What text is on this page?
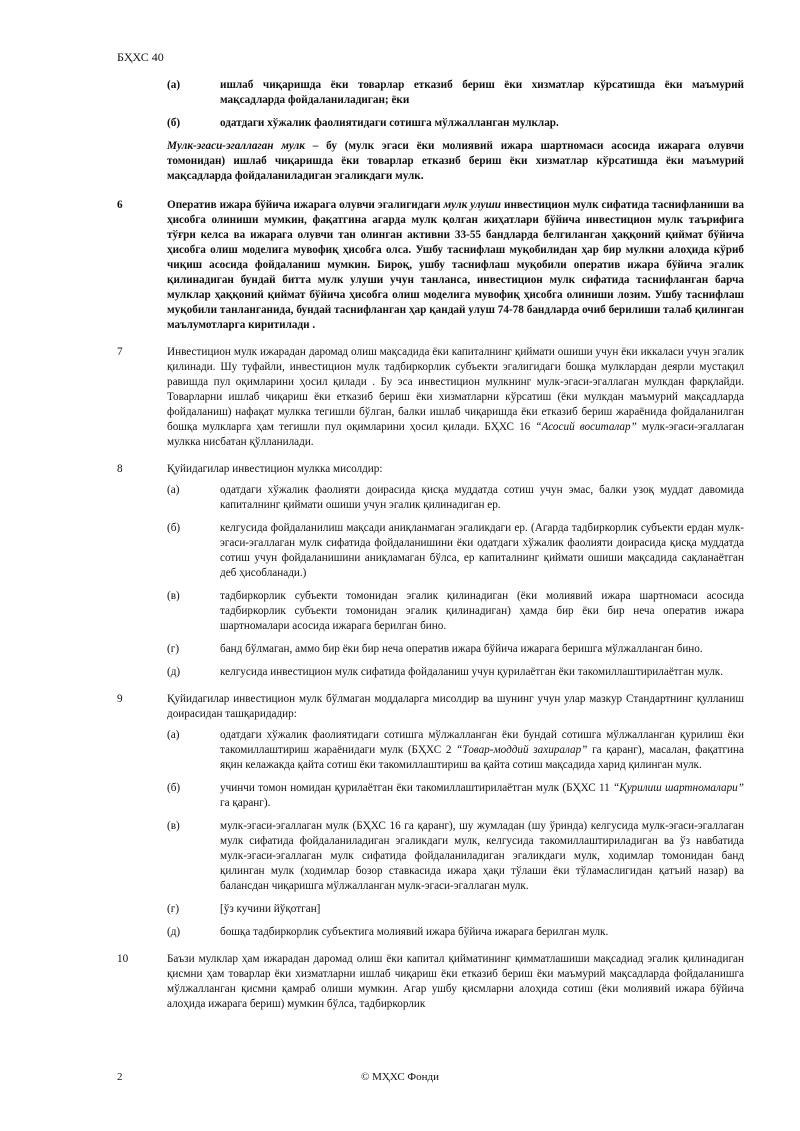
БҲХС 40
(а)	ишлаб чиқаришда ёки товарлар етказиб бериш ёки хизматлар кўрсатишда ёки маъмурий мақсадларда фойдаланиладиган; ёки
(б)	одатдаги хўжалик фаолиятидаги сотишга мўлжалланган мулклар.
Мулк-эгаси-эгаллаган мулк – бу (мулк эгаси ёки молиявий ижара шартномаси асосида ижарага олувчи томонидан) ишлаб чиқаришда ёки товарлар етказиб бериш ёки хизматлар кўрсатишда ёки маъмурий мақсадларда фойдаланиладиган эгаликдаги мулк.
6	Оператив ижара бўйича ижарага олувчи эгалигидаги мулк улуши инвестицион мулк сифатида таснифланиши ва ҳисобга олиниши мумкин, фақатгина агарда мулк қолган жиҳатлари бўйича инвестицион мулк таърифига тўғри келса ва ижарага олувчи тан олинган активни 33-55 бандларда белгиланган ҳаққоний қиймат бўйича ҳисобга олиш моделига мувофиқ ҳисобга олса. Ушбу таснифлаш муқобилидан ҳар бир мулкни алоҳида кўриб чиқиш асосида фойдаланиш мумкин. Бироқ, ушбу таснифлаш муқобили оператив ижара бўйича эгалик қилинадиган бундай битта мулк улуши учун танланса, инвестицион мулк сифатида таснифланган барча мулклар ҳаққоний қиймат бўйича ҳисобга олиш моделига мувофиқ ҳисобга олиниши лозим. Ушбу таснифлаш муқобили танланганида, бундай таснифланган ҳар қандай улуш 74-78 бандларда очиб берилиши талаб қилинган маълумотларга киритилади .
7	Инвестицион мулк ижарадан даромад олиш мақсадида ёки капиталнинг қиймати ошиши учун ёки иккаласи учун эгалик қилинади. Шу туфайли, инвестицион мулк тадбиркорлик субъекти эгалигидаги бошқа мулклардан деярли мустақил равишда пул оқимларини ҳосил қилади . Бу эса инвестицион мулкнинг мулк-эгаси-эгаллаган мулкдан фарқлайди. Товарларни ишлаб чиқариш ёки етказиб бериш ёки хизматларни кўрсатиш (ёки мулкдан маъмурий мақсадларда фойдаланиш) нафақат мулкка тегишли бўлган, балки ишлаб чиқаришда ёки етказиб бериш жараёнида фойдаланилган бошқа мулкларга ҳам тегишли пул оқимларини ҳосил қилади. БҲХС 16 “Асосий воситалар” мулк-эгаси-эгаллаган мулкка нисбатан қўлланилади.
8	Қуйидагилар инвестицион мулкка мисолдир:
(а)	одатдаги хўжалик фаолияти доирасида қисқа муддатда сотиш учун эмас, балки узоқ муддат давомида капиталнинг қиймати ошиши учун эгалик қилинадиган ер.
(б)	келгусида фойдаланилиш мақсади аниқланмаган эгаликдаги ер. (Агарда тадбиркорлик субъекти ердан мулк-эгаси-эгаллаган мулк сифатида фойдаланишини ёки одатдаги хўжалик фаолияти доирасида қисқа муддатда сотиш учун фойдаланишини аниқламаган бўлса, ер капиталнинг қиймати ошиши мақсадида сақланаётган деб ҳисобланади.)
(в)	тадбиркорлик субъекти томонидан эгалик қилинадиган (ёки молиявий ижара шартномаси асосида тадбиркорлик субъекти томонидан эгалик қилинадиган) ҳамда бир ёки бир неча оператив ижара шартномалари асосида ижарага берилган бино.
(г)	банд бўлмаган, аммо бир ёки бир неча оператив ижара бўйича ижарага беришга мўлжалланган бино.
(д)	келгусида инвестицион мулк сифатида фойдаланиш учун қурилаётган ёки такомиллаштирилаётган мулк.
9	Қуйидагилар инвестицион мулк бўлмаган моддаларга мисолдир ва шунинг учун улар мазкур Стандартнинг қулланиш доирасидан ташқаридадир:
(а)	одатдаги хўжалик фаолиятидаги сотишга мўлжалланган ёки бундай сотишга мўлжалланган қурилиш ёки такомиллаштириш жараёнидаги мулк (БҲХС 2 “Товар-моддий захиралар” га қаранг), масалан, фақатгина яқин келажакда қайта сотиш ёки такомиллаштириш ва қайта сотиш мақсадида харид қилинган мулк.
(б)	учинчи томон номидан қурилаётган ёки такомиллаштирилаётган мулк (БҲХС 11 “Қурилиш шартномалари” га қаранг).
(в)	мулк-эгаси-эгаллаган мулк (БҲХС 16 га қаранг), шу жумладан (шу ўринда) келгусида мулк-эгаси-эгаллаган мулк сифатида фойдаланиладиган эгаликдаги мулк, келгусида такомиллаштириладиган ва ўз навбатида мулк-эгаси-эгаллаган мулк сифатида фойдаланиладиган эгаликдаги мулк, ходимлар томонидан банд қилинган мулк (ходимлар бозор ставкасида ижара ҳақи тўлаши ёки тўламаслигидан қатъий назар) ва балансдан чиқаришга мўлжалланган мулк-эгаси-эгаллаган мулк.
(г)	[ўз кучини йўқотган]
(д)	бошқа тадбиркорлик субъектига молиявий ижара бўйича ижарага берилган мулк.
10	Баъзи мулклар ҳам ижарадан даромад олиш ёки капитал қийматининг қимматлашиши мақсадиад эгалик қилинадиган қисмни ҳам товарлар ёки хизматларни ишлаб чиқариш ёки етказиб бериш ёки маъмурий мақсадларда фойдаланишга мўлжалланган қисмни қамраб олиши мумкин. Агар ушбу қисмларни алоҳида сотиш (ёки молиявий ижара бўйича алоҳида ижарага бериш) мумкин бўлса, тадбиркорлик
© МҲХС Фонди
2
